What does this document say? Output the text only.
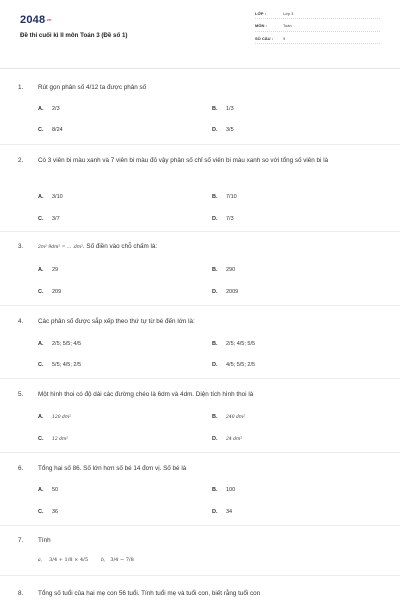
$2048_{.vn}$
Đề thi cuối kì II môn Toán 3 (Đề số 1)
LỚP :	Lớp 3
MÔN :	Toán
SỐ CÂU :	9
1. Rút gọn phân số 4/12 ta được phân số
A. 2/3	B. 1/3
C. 8/24	D. 3/5
2. Có 3 viên bi màu xanh và 7 viên bi màu đỏ vậy phân số chỉ số viên bi màu xanh so với tổng số viên bi là
A. 3/10	B. 7/10
C. 3/7	D. 7/3
3.	2m² 9dm² = ... .dm². Số điền vào chỗ chấm là:
A. 29	B. 290
C. 209	D. 2009
4. Các phân số được sắp xếp theo thứ tự từ bé đến lớn là:
A. 2/5; 5/5; 4/5	B. 2/5; 4/5; 5/5
C. 5/5; 4/5; 2/5	D. 4/5; 5/5; 2/5
5. Một hình thoi có độ dài các đường chéo là 6dm và 4dm. Diện tích hình thoi là
A. 120 dm²	B. 240 dm²
C. 12 dm²	D. 24 dm²
6. Tổng hai số 86. Số lớn hơn số bé 14 đơn vị. Số bé là
A. 50	B. 100
C. 36	D. 34
7. Tính
a, 3/4 + 1/8 × 4/5	b, 3/4 − 7/8
8. Tổng số tuổi của hai mẹ con 56 tuổi. Tính tuổi mẹ và tuổi con, biết rằng tuổi con
